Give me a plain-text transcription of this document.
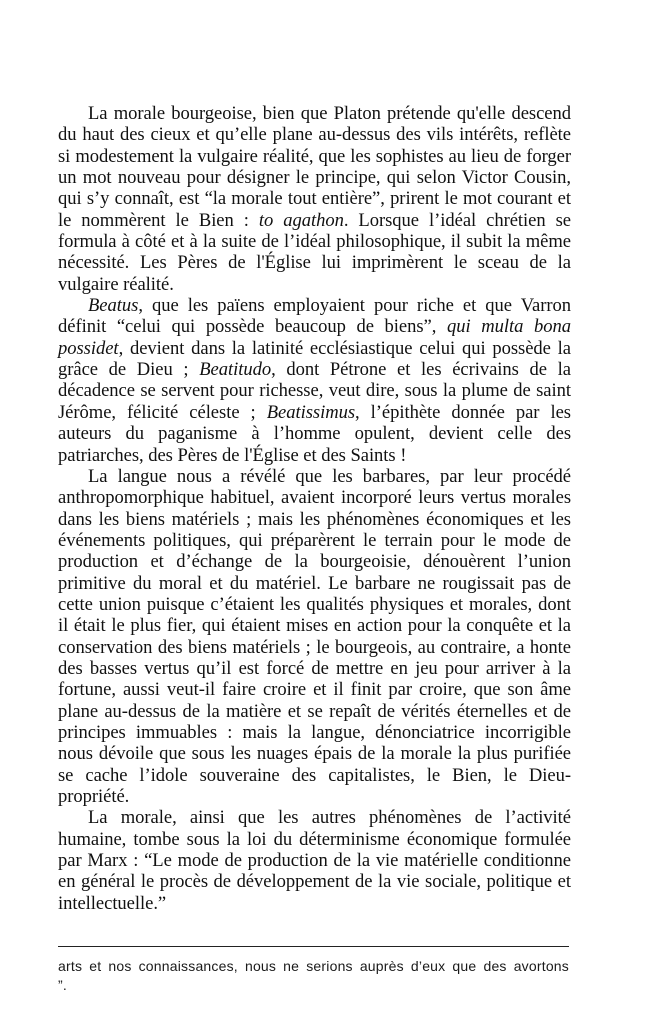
La morale bourgeoise, bien que Platon prétende qu'elle descend du haut des cieux et qu’elle plane au-dessus des vils intérêts, reflète si modestement la vulgaire réalité, que les sophistes au lieu de forger un mot nouveau pour désigner le principe, qui selon Victor Cousin, qui s’y connaît, est “la morale tout entière”, prirent le mot courant et le nommèrent le Bien : to agathon. Lorsque l’idéal chrétien se formula à côté et à la suite de l’idéal philosophique, il subit la même nécessité. Les Pères de l'Église lui imprimèrent le sceau de la vulgaire réalité.

Beatus, que les païens employaient pour riche et que Varron définit “celui qui possède beaucoup de biens”, qui multa bona possidet, devient dans la latinité ecclésiastique celui qui possède la grâce de Dieu ; Beatitudo, dont Pétrone et les écrivains de la décadence se servent pour richesse, veut dire, sous la plume de saint Jérôme, félicité céleste ; Beatissimus, l’épithète donnée par les auteurs du paganisme à l’homme opulent, devient celle des patriarches, des Pères de l'Église et des Saints !

La langue nous a révélé que les barbares, par leur procédé anthropomorphique habituel, avaient incorporé leurs vertus morales dans les biens matériels ; mais les phénomènes économiques et les événements politiques, qui préparèrent le terrain pour le mode de production et d’échange de la bourgeoisie, dénouèrent l’union primitive du moral et du matériel. Le barbare ne rougissait pas de cette union puisque c’étaient les qualités physiques et morales, dont il était le plus fier, qui étaient mises en action pour la conquête et la conservation des biens matériels ; le bourgeois, au contraire, a honte des basses vertus qu’il est forcé de mettre en jeu pour arriver à la fortune, aussi veut-il faire croire et il finit par croire, que son âme plane au-dessus de la matière et se repaît de vérités éternelles et de principes immuables : mais la langue, dénonciatrice incorrigible nous dévoile que sous les nuages épais de la morale la plus purifiée se cache l’idole souveraine des capitalistes, le Bien, le Dieu- propriété.

La morale, ainsi que les autres phénomènes de l’activité humaine, tombe sous la loi du déterminisme économique formulée par Marx : “Le mode de production de la vie matérielle conditionne en général le procès de développement de la vie sociale, politique et intellectuelle.”

arts et nos connaissances, nous ne serions auprès d’eux que des avortons ”.
